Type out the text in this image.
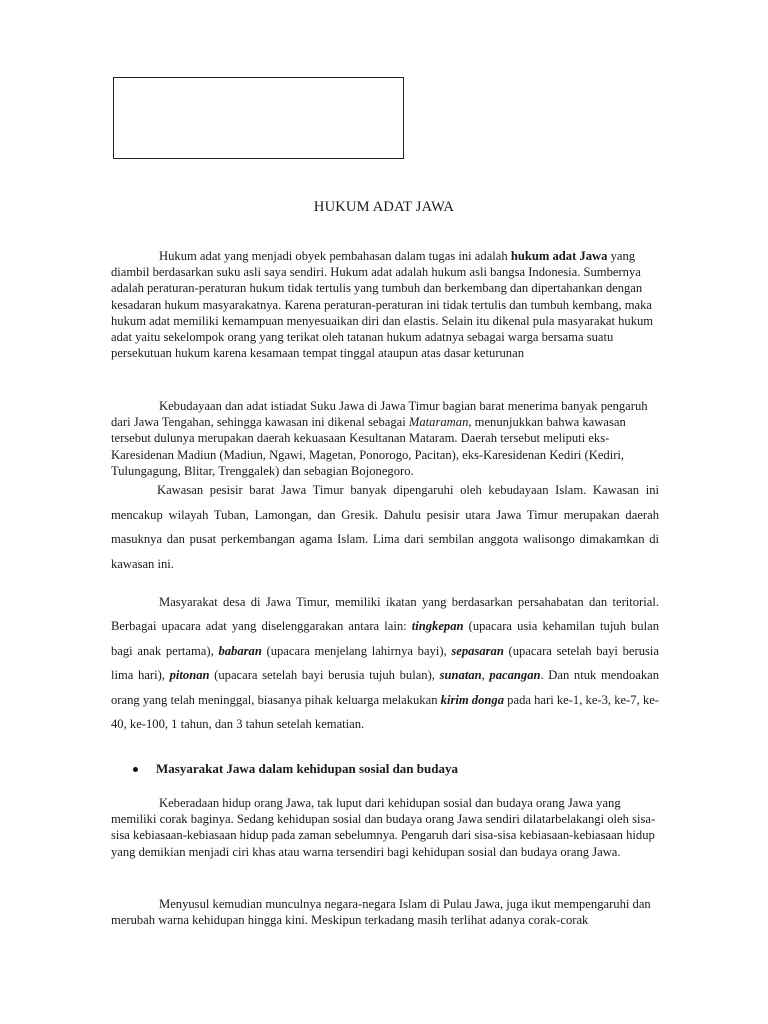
HUKUM ADAT JAWA

Hukum adat yang menjadi obyek pembahasan dalam tugas ini adalah hukum adat Jawa yang diambil berdasarkan suku asli saya sendiri. Hukum adat adalah hukum asli bangsa Indonesia. Sumbernya adalah peraturan-peraturan hukum tidak tertulis yang tumbuh dan berkembang dan dipertahankan dengan kesadaran hukum masyarakatnya. Karena peraturan-peraturan ini tidak tertulis dan tumbuh kembang, maka hukum adat memiliki kemampuan menyesuaikan diri dan elastis. Selain itu dikenal pula masyarakat hukum adat yaitu sekelompok orang yang terikat oleh tatanan hukum adatnya sebagai warga bersama suatu persekutuan hukum karena kesamaan tempat tinggal ataupun atas dasar keturunan

Kebudayaan dan adat istiadat Suku Jawa di Jawa Timur bagian barat menerima banyak pengaruh dari Jawa Tengahan, sehingga kawasan ini dikenal sebagai Mataraman, menunjukkan bahwa kawasan tersebut dulunya merupakan daerah kekuasaan Kesultanan Mataram. Daerah tersebut meliputi eks-Karesidenan Madiun (Madiun, Ngawi, Magetan, Ponorogo, Pacitan), eks-Karesidenan Kediri (Kediri, Tulungagung, Blitar, Trenggalek) dan sebagian Bojonegoro.

Kawasan pesisir barat Jawa Timur banyak dipengaruhi oleh kebudayaan Islam. Kawasan ini mencakup wilayah Tuban, Lamongan, dan Gresik. Dahulu pesisir utara Jawa Timur merupakan daerah masuknya dan pusat perkembangan agama Islam. Lima dari sembilan anggota walisongo dimakamkan di kawasan ini.

Masyarakat desa di Jawa Timur, memiliki ikatan yang berdasarkan persahabatan dan teritorial. Berbagai upacara adat yang diselenggarakan antara lain: tingkepan (upacara usia kehamilan tujuh bulan bagi anak pertama), babaran (upacara menjelang lahirnya bayi), sepasaran (upacara setelah bayi berusia lima hari), pitonan (upacara setelah bayi berusia tujuh bulan), sunatan, pacangan. Dan ntuk mendoakan orang yang telah meninggal, biasanya pihak keluarga melakukan kirim donga pada hari ke-1, ke-3, ke-7, ke-40, ke-100, 1 tahun, dan 3 tahun setelah kematian.

Masyarakat Jawa dalam kehidupan sosial dan budaya

Keberadaan hidup orang Jawa, tak luput dari kehidupan sosial dan budaya orang Jawa yang memiliki corak baginya. Sedang kehidupan sosial dan budaya orang Jawa sendiri dilatarbelakangi oleh sisa-sisa kebiasaan-kebiasaan hidup pada zaman sebelumnya. Pengaruh dari sisa-sisa kebiasaan-kebiasaan hidup yang demikian menjadi ciri khas atau warna tersendiri bagi kehidupan sosial dan budaya orang Jawa.

Menyusul kemudian munculnya negara-negara Islam di Pulau Jawa, juga ikut mempengaruhi dan merubah warna kehidupan hingga kini. Meskipun terkadang masih terlihat adanya corak-corak
